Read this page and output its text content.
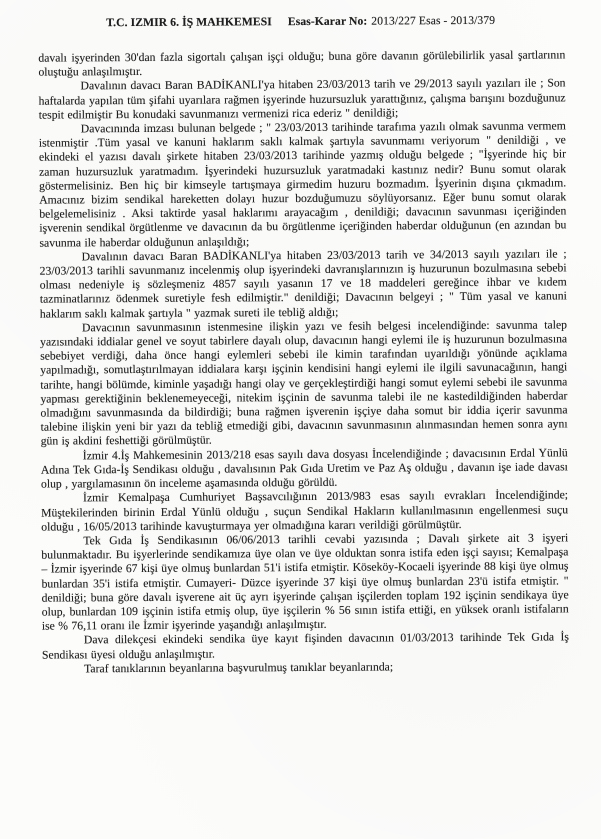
T.C. IZMIR 6. İŞ MAHKEMESI Esas-Karar No: 2013/227 Esas - 2013/379

davalı işyerinden 30'dan fazla sigortalı çalışan işçi olduğu; buna göre davanın görülebilirlik yasal şartlarının oluştuğu anlaşılmıştır.

Davalının davacı Baran BADİKANLI'ya hitaben 23/03/2013 tarih ve 29/2013 sayılı yazıları ile ; Son haftalarda yapılan tüm şifahi uyarılara rağmen işyerinde huzursuzluk yarattığınız, çalışma barışını bozduğunuz tespit edilmiştir Bu konudaki savunmanızı vermenizi rica ederiz " denildiği;

Davacınında imzası bulunan belgede ; " 23/03/2013 tarihinde tarafıma yazılı olmak savunma vermem istenmiştir .Tüm yasal ve kanuni haklarım saklı kalmak şartıyla savunmamı veriyorum " denildiği , ve ekindeki el yazısı davalı şirkete hitaben 23/03/2013 tarihinde yazmış olduğu belgede ; "İşyerinde hiç bir zaman huzursuzluk yaratmadım. İşyerindeki huzursuzluk yaratmadaki kastınız nedir? Bunu somut olarak göstermelisiniz. Ben hiç bir kimseyle tartışmaya girmedim huzuru bozmadım. İşyerinin dışına çıkmadım. Amacınız bizim sendikal hareketten dolayı huzur bozduğumuzu söylüyorsanız. Eğer bunu somut olarak belgelemelisiniz . Aksi taktirde yasal haklarımı arayacağım , denildiği; davacının savunması içeriğinden işverenin sendikal örgütlenme ve davacının da bu örgütlenme içeriğinden haberdar olduğunun (en azından bu savunma ile haberdar olduğunun anlaşıldığı;

Davalının davacı Baran BADİKANLI'ya hitaben 23/03/2013 tarih ve 34/2013 sayılı yazıları ile ; 23/03/2013 tarihli savunmanız incelenmiş olup işyerindeki davranışlarınızın iş huzurunun bozulmasına sebebi olması nedeniyle iş sözleşmeniz 4857 sayılı yasanın 17 ve 18 maddeleri gereğince ihbar ve kıdem tazminatlarınız ödenmek suretiyle fesh edilmiştir." denildiği; Davacının belgeyi ; " Tüm yasal ve kanuni haklarım saklı kalmak şartıyla " yazmak sureti ile tebliğ aldığı;

Davacının savunmasının istenmesine ilişkin yazı ve fesih belgesi incelendiğinde: savunma talep yazısındaki iddialar genel ve soyut tabirlere dayalı olup, davacının hangi eylemi ile iş huzurunun bozulmasına sebebiyet verdiği, daha önce hangi eylemleri sebebi ile kimin tarafından uyarıldığı yönünde açıklama yapılmadığı, somutlaştırılmayan iddialara karşı işçinin kendisini hangi eylemi ile ilgili savunacağının, hangi tarihte, hangi bölümde, kiminle yaşadığı hangi olay ve gerçekleştirdiği hangi somut eylemi sebebi ile savunma yapması gerektiğinin beklenemeyeceği, nitekim işçinin de savunma talebi ile ne kastedildiğinden haberdar olmadığını savunmasında da bildirdiği; buna rağmen işverenin işçiye daha somut bir iddia içerir savunma talebine ilişkin yeni bir yazı da tebliğ etmediği gibi, davacının savunmasının alınmasından hemen sonra aynı gün iş akdini feshettiği görülmüştür.

İzmir 4.İş Mahkemesinin 2013/218 esas sayılı dava dosyası İncelendiğinde ; davacısının Erdal Yünlü Adına Tek Gıda-İş Sendikası olduğu , davalısının Pak Gıda Uretim ve Paz Aş olduğu , davanın işe iade davası olup , yargılamasının ön inceleme aşamasında olduğu görüldü.

İzmir Kemalpaşa Cumhuriyet Başsavcılığının 2013/983 esas sayılı evrakları İncelendiğinde; Müştekilerinden birinin Erdal Yünlü olduğu , suçun Sendikal Hakların kullanılmasının engellenmesi suçu olduğu , 16/05/2013 tarihinde kavuşturmaya yer olmadığına kararı verildiği görülmüştür.

Tek Gıda İş Sendikasının 06/06/2013 tarihli cevabi yazısında ; Davalı şirkete ait 3 işyeri bulunmaktadır. Bu işyerlerinde sendikamıza üye olan ve üye olduktan sonra istifa eden işçi sayısı; Kemalpaşa – İzmir işyerinde 67 kişi üye olmuş bunlardan 51'i istifa etmiştir. Köseköy-Kocaeli işyerinde 88 kişi üye olmuş bunlardan 35'i istifa etmiştir. Cumayeri- Düzce işyerinde 37 kişi üye olmuş bunlardan 23'ü istifa etmiştir. " denildiği; buna göre davalı işverene ait üç ayrı işyerinde çalışan işçilerden toplam 192 işçinin sendikaya üye olup, bunlardan 109 işçinin istifa etmiş olup, üye işçilerin % 56 sının istifa ettiği, en yüksek oranlı istifaların ise % 76,11 oranı ile İzmir işyerinde yaşandığı anlaşılmıştır.

Dava dilekçesi ekindeki sendika üye kayıt fişinden davacının 01/03/2013 tarihinde Tek Gıda İş Sendikası üyesi olduğu anlaşılmıştır.

Taraf tanıklarının beyanlarına başvurulmuş tanıklar beyanlarında;
